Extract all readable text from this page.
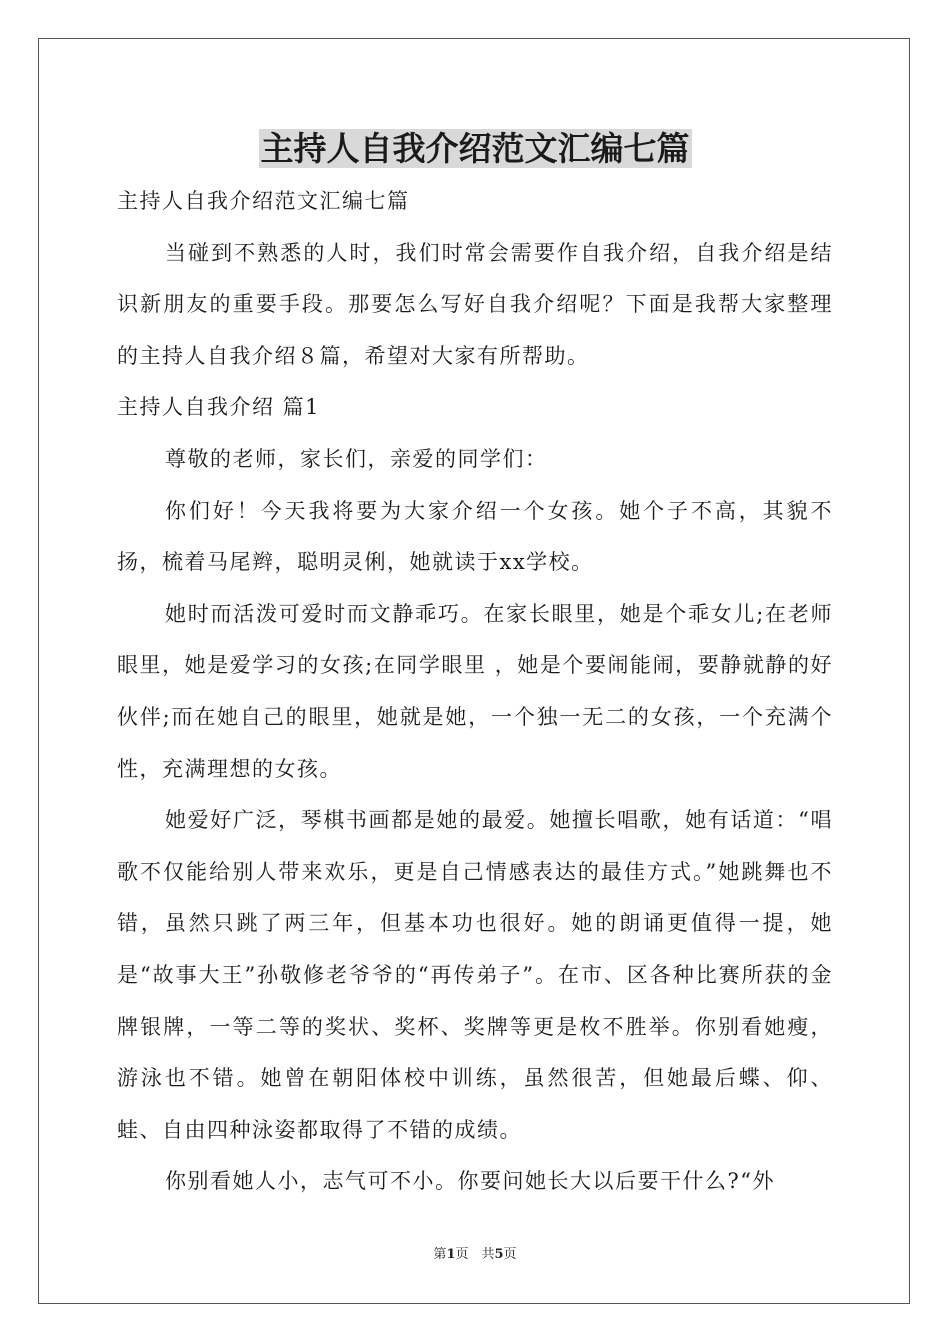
主持人自我介绍范文汇编七篇

主持人自我介绍范文汇编七篇

当碰到不熟悉的人时，我们时常会需要作自我介绍，自我介绍是结识新朋友的重要手段。那要怎么写好自我介绍呢？下面是我帮大家整理的主持人自我介绍８篇，希望对大家有所帮助。

主持人自我介绍 篇1

尊敬的老师，家长们，亲爱的同学们：

你们好！今天我将要为大家介绍一个女孩。她个子不高，其貌不扬，梳着马尾辫，聪明灵俐，她就读于xx学校。

她时而活泼可爱时而文静乖巧。在家长眼里，她是个乖女儿;在老师眼里，她是爱学习的女孩;在同学眼里 ，她是个要闹能闹，要静就静的好伙伴;而在她自己的眼里，她就是她，一个独一无二的女孩，一个充满个性，充满理想的女孩。

她爱好广泛，琴棋书画都是她的最爱。她擅长唱歌，她有话道：“唱歌不仅能给别人带来欢乐，更是自己情感表达的最佳方式。”她跳舞也不错，虽然只跳了两三年，但基本功也很好。她的朗诵更值得一提，她是“故事大王”孙敬修老爷爷的“再传弟子”。在市、区各种比赛所获的金牌银牌，一等二等的奖状、奖杯、奖牌等更是枚不胜举。你别看她瘦，游泳也不错。她曾在朝阳体校中训练，虽然很苦，但她最后蝶、仰、蛙、自由四种泳姿都取得了不错的成绩。

你别看她人小，志气可不小。你要问她长大以后要干什么?“外

第1页　共5页
